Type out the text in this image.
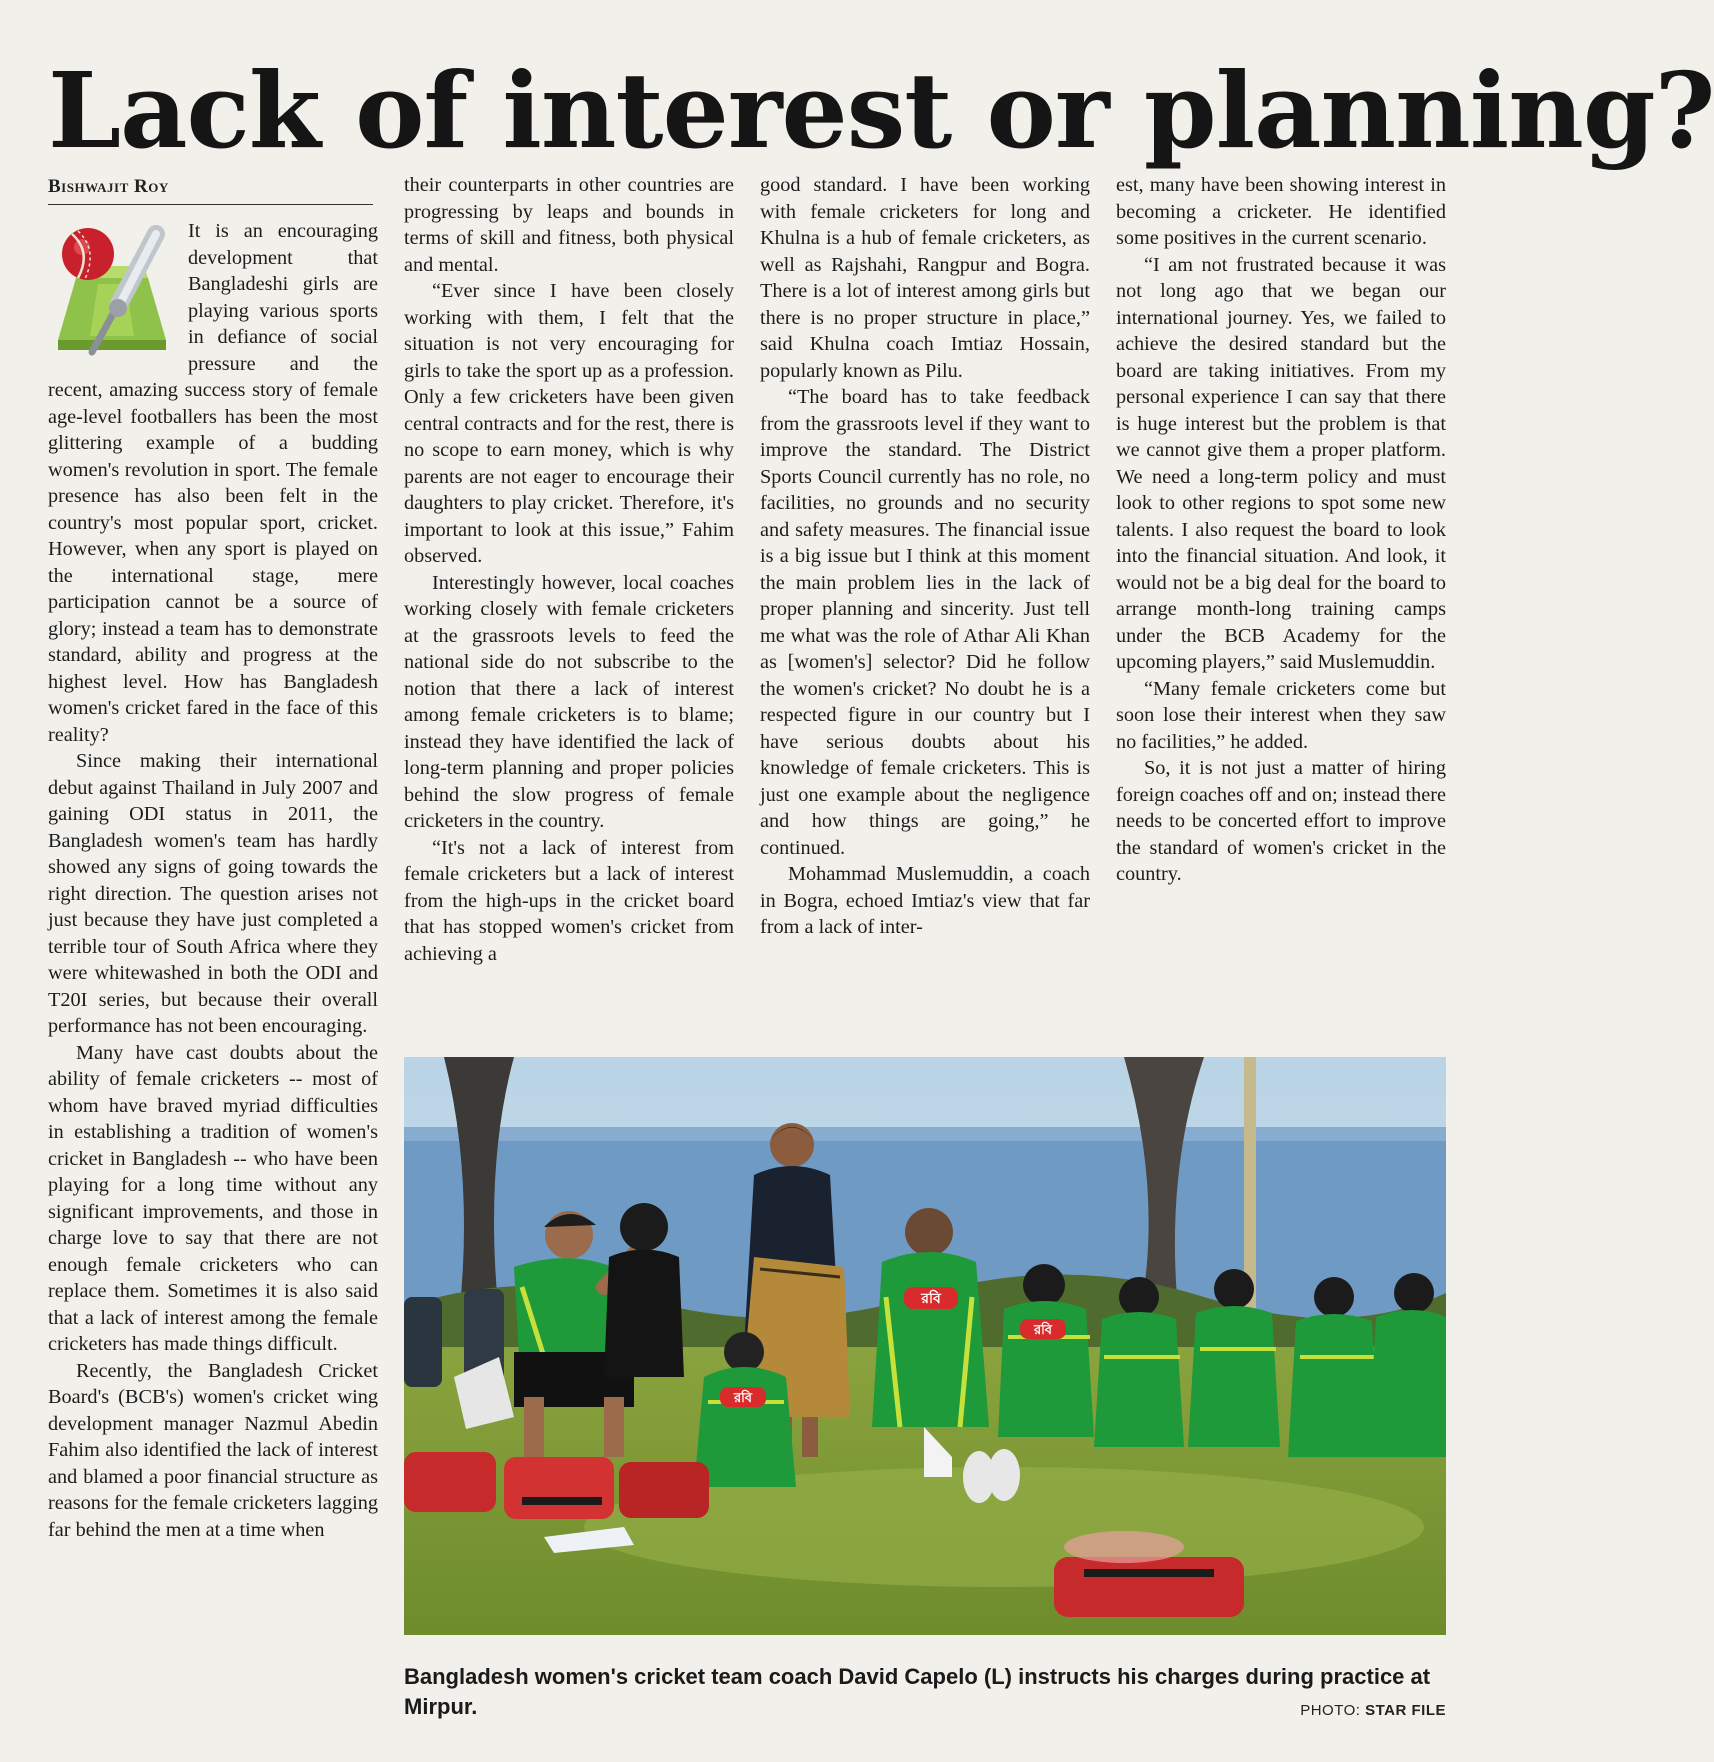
Lack of interest or planning?
Bishwajit Roy

It is an encouraging development that Bangladeshi girls are playing various sports in defiance of social pressure and the recent, amazing success story of female age-level footballers has been the most glittering example of a budding women's revolution in sport. The female presence has also been felt in the country's most popular sport, cricket. However, when any sport is played on the international stage, mere participation cannot be a source of glory; instead a team has to demonstrate standard, ability and progress at the highest level. How has Bangladesh women's cricket fared in the face of this reality?

Since making their international debut against Thailand in July 2007 and gaining ODI status in 2011, the Bangladesh women's team has hardly showed any signs of going towards the right direction. The question arises not just because they have just completed a terrible tour of South Africa where they were whitewashed in both the ODI and T20I series, but because their overall performance has not been encouraging.

Many have cast doubts about the ability of female cricketers -- most of whom have braved myriad difficulties in establishing a tradition of women's cricket in Bangladesh -- who have been playing for a long time without any significant improvements, and those in charge love to say that there are not enough female cricketers who can replace them. Sometimes it is also said that a lack of interest among the female cricketers has made things difficult.

Recently, the Bangladesh Cricket Board's (BCB's) women's cricket wing development manager Nazmul Abedin Fahim also identified the lack of interest and blamed a poor financial structure as reasons for the female cricketers lagging far behind the men at a time when

their counterparts in other countries are progressing by leaps and bounds in terms of skill and fitness, both physical and mental.

“Ever since I have been closely working with them, I felt that the situation is not very encouraging for girls to take the sport up as a profession. Only a few cricketers have been given central contracts and for the rest, there is no scope to earn money, which is why parents are not eager to encourage their daughters to play cricket. Therefore, it's important to look at this issue,” Fahim observed.

Interestingly however, local coaches working closely with female cricketers at the grassroots levels to feed the national side do not subscribe to the notion that there a lack of interest among female cricketers is to blame; instead they have identified the lack of long-term planning and proper policies behind the slow progress of female cricketers in the country.

“It's not a lack of interest from female cricketers but a lack of interest from the high-ups in the cricket board that has stopped women's cricket from achieving a

good standard. I have been working with female cricketers for long and Khulna is a hub of female cricketers, as well as Rajshahi, Rangpur and Bogra. There is a lot of interest among girls but there is no proper structure in place,” said Khulna coach Imtiaz Hossain, popularly known as Pilu.

“The board has to take feedback from the grassroots level if they want to improve the standard. The District Sports Council currently has no role, no facilities, no grounds and no security and safety measures. The financial issue is a big issue but I think at this moment the main problem lies in the lack of proper planning and sincerity. Just tell me what was the role of Athar Ali Khan as [women's] selector? Did he follow the women's cricket? No doubt he is a respected figure in our country but I have serious doubts about his knowledge of female cricketers. This is just one example about the negligence and how things are going,” he continued.

Mohammad Muslemuddin, a coach in Bogra, echoed Imtiaz's view that far from a lack of inter-

est, many have been showing interest in becoming a cricketer. He identified some positives in the current scenario.

“I am not frustrated because it was not long ago that we began our international journey. Yes, we failed to achieve the desired standard but the board are taking initiatives. From my personal experience I can say that there is huge interest but the problem is that we cannot give them a proper platform. We need a long-term policy and must look to other regions to spot some new talents. I also request the board to look into the financial situation. And look, it would not be a big deal for the board to arrange month-long training camps under the BCB Academy for the upcoming players,” said Muslemuddin.

“Many female cricketers come but soon lose their interest when they saw no facilities,” he added.

So, it is not just a matter of hiring foreign coaches off and on; instead there needs to be concerted effort to improve the standard of women's cricket in the country.

রবি
রবি
রবি
Bangladesh women's cricket team coach David Capelo (L) instructs his charges during practice at Mirpur.	PHOTO: STAR FILE
